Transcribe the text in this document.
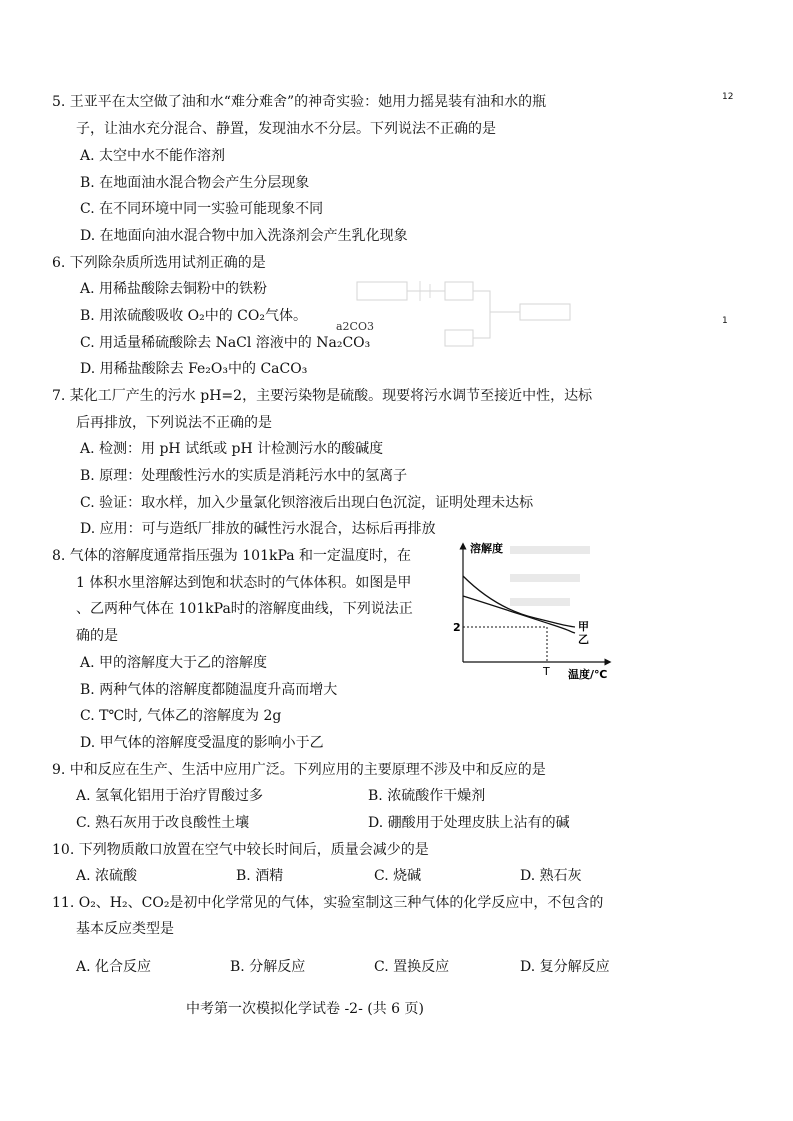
12
1
5. 王亚平在太空做了油和水“难分难舍”的神奇实验：她用力摇晃装有油和水的瓶
子，让油水充分混合、静置，发现油水不分层。下列说法不正确的是
A. 太空中水不能作溶剂
B. 在地面油水混合物会产生分层现象
C. 在不同环境中同一实验可能现象不同
D. 在地面向油水混合物中加入洗涤剂会产生乳化现象
6. 下列除杂质所选用试剂正确的是
A. 用稀盐酸除去铜粉中的铁粉
B. 用浓硫酸吸收 O₂中的 CO₂气体。
C. 用适量稀硫酸除去 NaCl 溶液中的 Na₂CO₃
D. 用稀盐酸除去 Fe₂O₃中的 CaCO₃
a2CO3
7. 某化工厂产生的污水 pH=2，主要污染物是硫酸。现要将污水调节至接近中性，达标
后再排放，下列说法不正确的是
A. 检测：用 pH 试纸或 pH 计检测污水的酸碱度
B. 原理：处理酸性污水的实质是消耗污水中的氢离子
C. 验证：取水样，加入少量氯化钡溶液后出现白色沉淀，证明处理未达标
D. 应用：可与造纸厂排放的碱性污水混合，达标后再排放
8. 气体的溶解度通常指压强为 101kPa 和一定温度时，在
1 体积水里溶解达到饱和状态时的气体体积。如图是甲
、乙两种气体在 101kPa时的溶解度曲线，下列说法正
确的是
A. 甲的溶解度大于乙的溶解度
B. 两种气体的溶解度都随温度升高而增大
C. T℃时, 气体乙的溶解度为 2g
D. 甲气体的溶解度受温度的影响小于乙
溶解度
温度/℃
2
T
甲
乙
9. 中和反应在生产、生活中应用广泛。下列应用的主要原理不涉及中和反应的是
A. 氢氧化铝用于治疗胃酸过多	B. 浓硫酸作干燥剂
C. 熟石灰用于改良酸性土壤	D. 硼酸用于处理皮肤上沾有的碱
10. 下列物质敞口放置在空气中较长时间后，质量会减少的是
A. 浓硫酸	B. 酒精	C. 烧碱	D. 熟石灰
11. O₂、H₂、CO₂是初中化学常见的气体，实验室制这三种气体的化学反应中，不包含的
基本反应类型是
A. 化合反应	B. 分解反应	C. 置换反应	D. 复分解反应
中考第一次模拟化学试卷 -2- (共 6 页)
